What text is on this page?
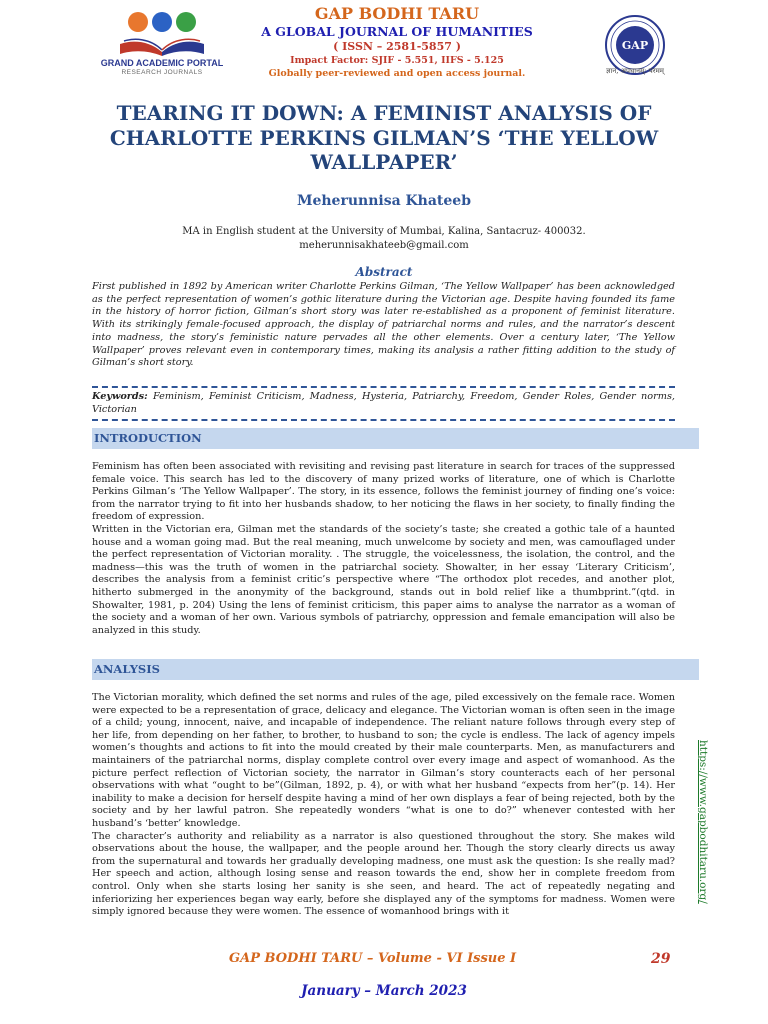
GRAND ACADEMIC PORTAL
RESEARCH JOURNALS
GAP BODHI TARU
A GLOBAL JOURNAL OF HUMANITIES
( ISSN – 2581-5857 )
Impact Factor: SJIF - 5.551, IIFS - 5.125
Globally peer-reviewed and open access journal.
GAP
ज्ञानं, अपधानम्: परमम्
TEARING IT DOWN: A FEMINIST ANALYSIS OF
CHARLOTTE PERKINS GILMAN’S ‘THE YELLOW
WALLPAPER’
Meherunnisa Khateeb
MA in English student at the University of Mumbai, Kalina, Santacruz- 400032.
meherunnisakhateeb@gmail.com
Abstract
First published in 1892 by American writer Charlotte Perkins Gilman, ‘The Yellow Wallpaper’ has been acknowledged as the perfect representation of women’s gothic literature during the Victorian age. Despite having founded its fame in the history of horror fiction, Gilman’s short story was later re-established as a proponent of feminist literature. With its strikingly female-focused approach, the display of patriarchal norms and rules, and the narrator’s descent into madness, the story’s feministic nature pervades all the other elements. Over a century later, ‘The Yellow Wallpaper’ proves relevant even in contemporary times, making its analysis a rather fitting addition to the study of Gilman’s short story.
Keywords: Feminism, Feminist Criticism, Madness, Hysteria, Patriarchy, Freedom, Gender Roles, Gender norms, Victorian
INTRODUCTION

Feminism has often been associated with revisiting and revising past literature in search for traces of the suppressed female voice. This search has led to the discovery of many prized works of literature, one of which is Charlotte Perkins Gilman’s ‘The Yellow Wallpaper’. The story, in its essence, follows the feminist journey of finding one’s voice: from the narrator trying to fit into her husbands shadow, to her noticing the flaws in her society, to finally finding the freedom of expression.

Written in the Victorian era, Gilman met the standards of the society’s taste; she created a gothic tale of a haunted house and a woman going mad. But the real meaning, much unwelcome by society and men, was camouflaged under the perfect representation of Victorian morality. . The struggle, the voicelessness, the isolation, the control, and the madness—this was the truth of women in the patriarchal society. Showalter, in her essay ‘Literary Criticism’, describes the analysis from a feminist critic’s perspective where “The orthodox plot recedes, and another plot, hitherto submerged in the anonymity of the background, stands out in bold relief like a thumbprint.”(qtd. in Showalter, 1981, p. 204) Using the lens of feminist criticism, this paper aims to analyse the narrator as a woman of the society and a woman of her own. Various symbols of patriarchy, oppression and female emancipation will also be analyzed in this study.

ANALYSIS

The Victorian morality, which defined the set norms and rules of the age, piled excessively on the female race. Women were expected to be a representation of grace, delicacy and elegance. The Victorian woman is often seen in the image of a child; young, innocent, naive, and incapable of independence. The reliant nature follows through every step of her life, from depending on her father, to brother, to husband to son; the cycle is endless. The lack of agency impels women’s thoughts and actions to fit into the mould created by their male counterparts. Men, as manufacturers and maintainers of the patriarchal norms, display complete control over every image and aspect of womanhood. As the picture perfect reflection of Victorian society, the narrator in Gilman’s story counteracts each of her personal observations with what “ought to be”(Gilman, 1892, p. 4), or with what her husband “expects from her”(p. 14). Her inability to make a decision for herself despite having a mind of her own displays a fear of being rejected, both by the society and by her lawful patron. She repeatedly wonders “what is one to do?” whenever contested with her husband’s ‘better’ knowledge.

The character’s authority and reliability as a narrator is also questioned throughout the story. She makes wild observations about the house, the wallpaper, and the people around her. Though the story clearly directs us away from the supernatural and towards her gradually developing madness, one must ask the question: Is she really mad? Her speech and action, although losing sense and reason towards the end, show her in complete freedom from control. Only when she starts losing her sanity is she seen, and heard. The act of repeatedly negating and inferiorizing her experiences began way early, before she displayed any of the symptoms for madness. Women were simply ignored because they were women. The essence of womanhood brings with it

https://www.gapbodhitaru.org/
GAP BODHI TARU – Volume - VI Issue I	29
January – March 2023
